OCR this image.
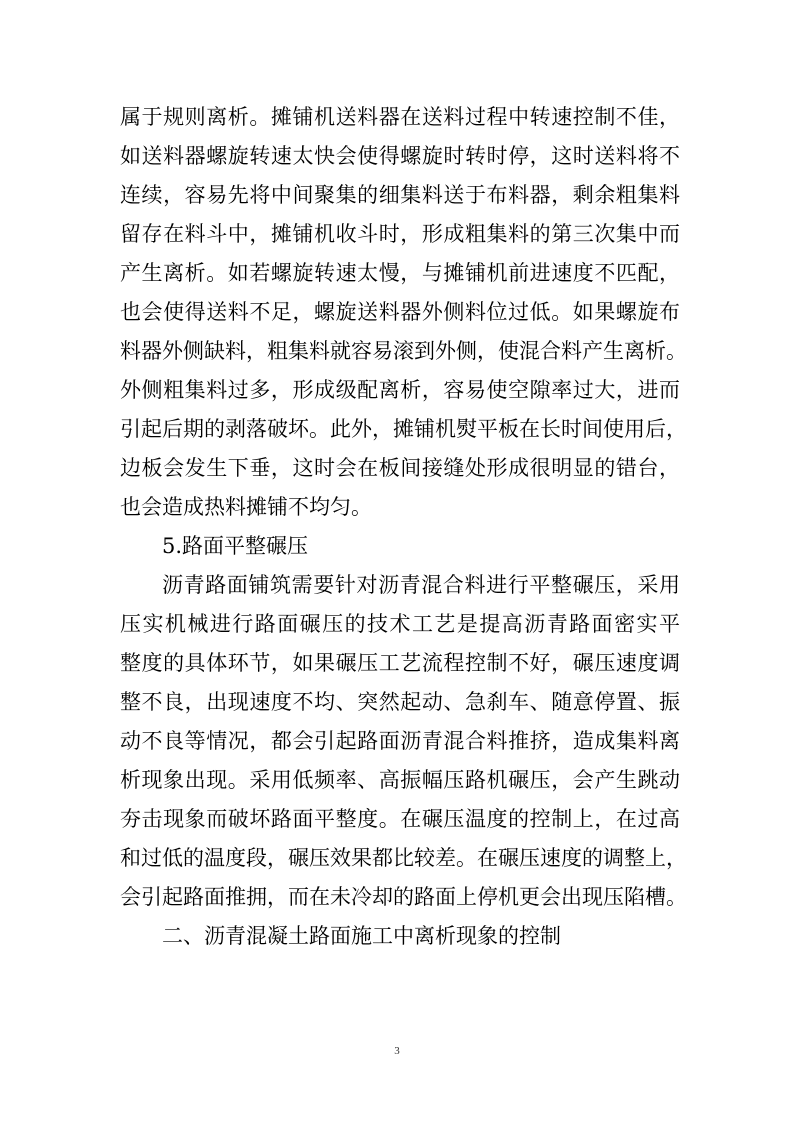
属于规则离析。摊铺机送料器在送料过程中转速控制不佳，
如送料器螺旋转速太快会使得螺旋时转时停，这时送料将不
连续，容易先将中间聚集的细集料送于布料器，剩余粗集料
留存在料斗中，摊铺机收斗时，形成粗集料的第三次集中而
产生离析。如若螺旋转速太慢，与摊铺机前进速度不匹配，
也会使得送料不足，螺旋送料器外侧料位过低。如果螺旋布
料器外侧缺料，粗集料就容易滚到外侧，使混合料产生离析。
外侧粗集料过多，形成级配离析，容易使空隙率过大，进而
引起后期的剥落破坏。此外，摊铺机熨平板在长时间使用后，
边板会发生下垂，这时会在板间接缝处形成很明显的错台，
也会造成热料摊铺不均匀。
5.路面平整碾压
沥青路面铺筑需要针对沥青混合料进行平整碾压，采用
压实机械进行路面碾压的技术工艺是提高沥青路面密实平
整度的具体环节，如果碾压工艺流程控制不好，碾压速度调
整不良，出现速度不均、突然起动、急刹车、随意停置、振
动不良等情况，都会引起路面沥青混合料推挤，造成集料离
析现象出现。采用低频率、高振幅压路机碾压，会产生跳动
夯击现象而破坏路面平整度。在碾压温度的控制上，在过高
和过低的温度段，碾压效果都比较差。在碾压速度的调整上，
会引起路面推拥，而在未冷却的路面上停机更会出现压陷槽。
二、沥青混凝土路面施工中离析现象的控制
3
